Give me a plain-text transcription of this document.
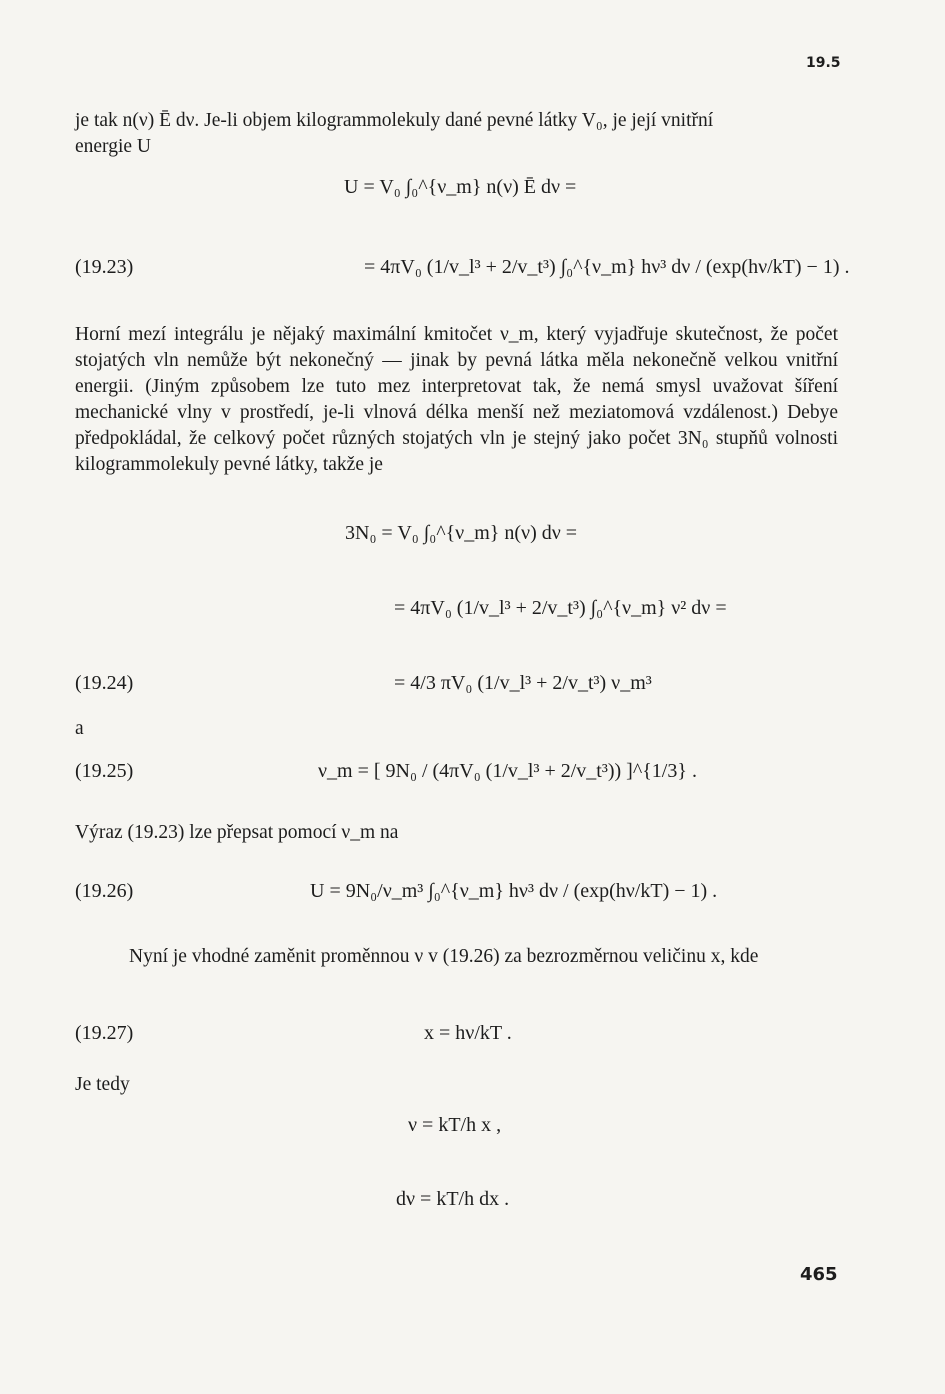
19.5
je tak n(ν) Ē dν. Je-li objem kilogrammolekuly dané pevné látky V₀, je její vnitřní
energie U
U = V₀ ∫₀^{ν_m} n(ν) Ē dν =
(19.23)	= 4πV₀ (1/v_l³ + 2/v_t³) ∫₀^{ν_m} hν³ dν / (exp(hν/kT) − 1) .
Horní mezí integrálu je nějaký maximální kmitočet ν_m, který vyjadřuje skutečnost, že počet stojatých vln nemůže být nekonečný — jinak by pevná látka měla nekonečně velkou vnitřní energii. (Jiným způsobem lze tuto mez interpretovat tak, že nemá smysl uvažovat šíření mechanické vlny v prostředí, je-li vlnová délka menší než meziatomová vzdálenost.) Debye předpokládal, že celkový počet různých stojatých vln je stejný jako počet 3N₀ stupňů volnosti kilogrammolekuly pevné látky, takže je
3N₀ = V₀ ∫₀^{ν_m} n(ν) dν =
= 4πV₀ (1/v_l³ + 2/v_t³) ∫₀^{ν_m} ν² dν =
(19.24)	= 4/3 πV₀ (1/v_l³ + 2/v_t³) ν_m³
a
(19.25)	ν_m = [ 9N₀ / (4πV₀ (1/v_l³ + 2/v_t³)) ]^{1/3} .
Výraz (19.23) lze přepsat pomocí ν_m na
(19.26)	U = 9N₀/ν_m³ ∫₀^{ν_m} hν³ dν / (exp(hν/kT) − 1) .
Nyní je vhodné zaměnit proměnnou ν v (19.26) za bezrozměrnou veličinu x, kde
(19.27)	x = hν/kT .
Je tedy
ν = kT/h x ,
dν = kT/h dx .
465
